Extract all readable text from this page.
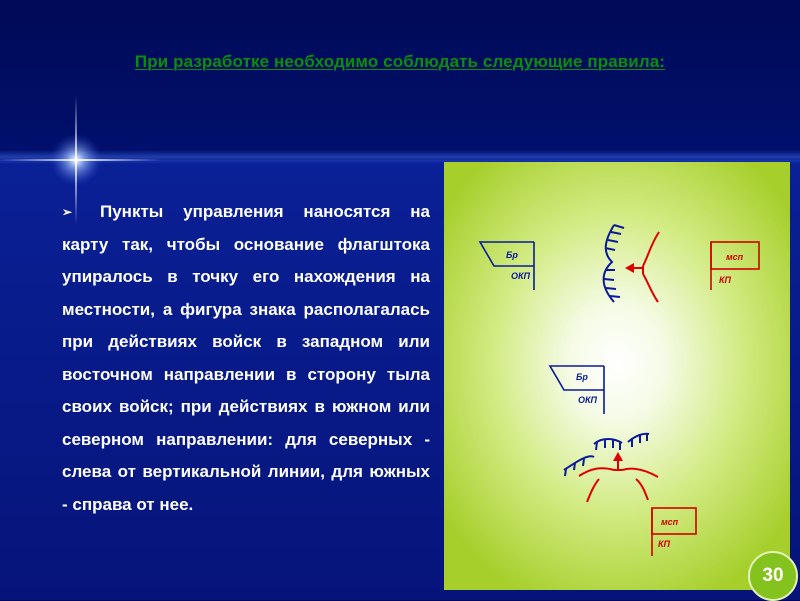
При разработке необходимо соблюдать следующие правила:
➢ Пункты управления наносятся на карту так, чтобы основание флагштока упиралось в точку его нахождения на местности, а фигура знака располагалась при действиях войск в западном или восточном направлении в сторону тыла своих войск; при действиях в южном или северном направлении: для северных - слева от вертикальной линии, для южных - справа от нее.
Бр
ОКП
мсп
КП
Бр
ОКП
мсп
КП
30
